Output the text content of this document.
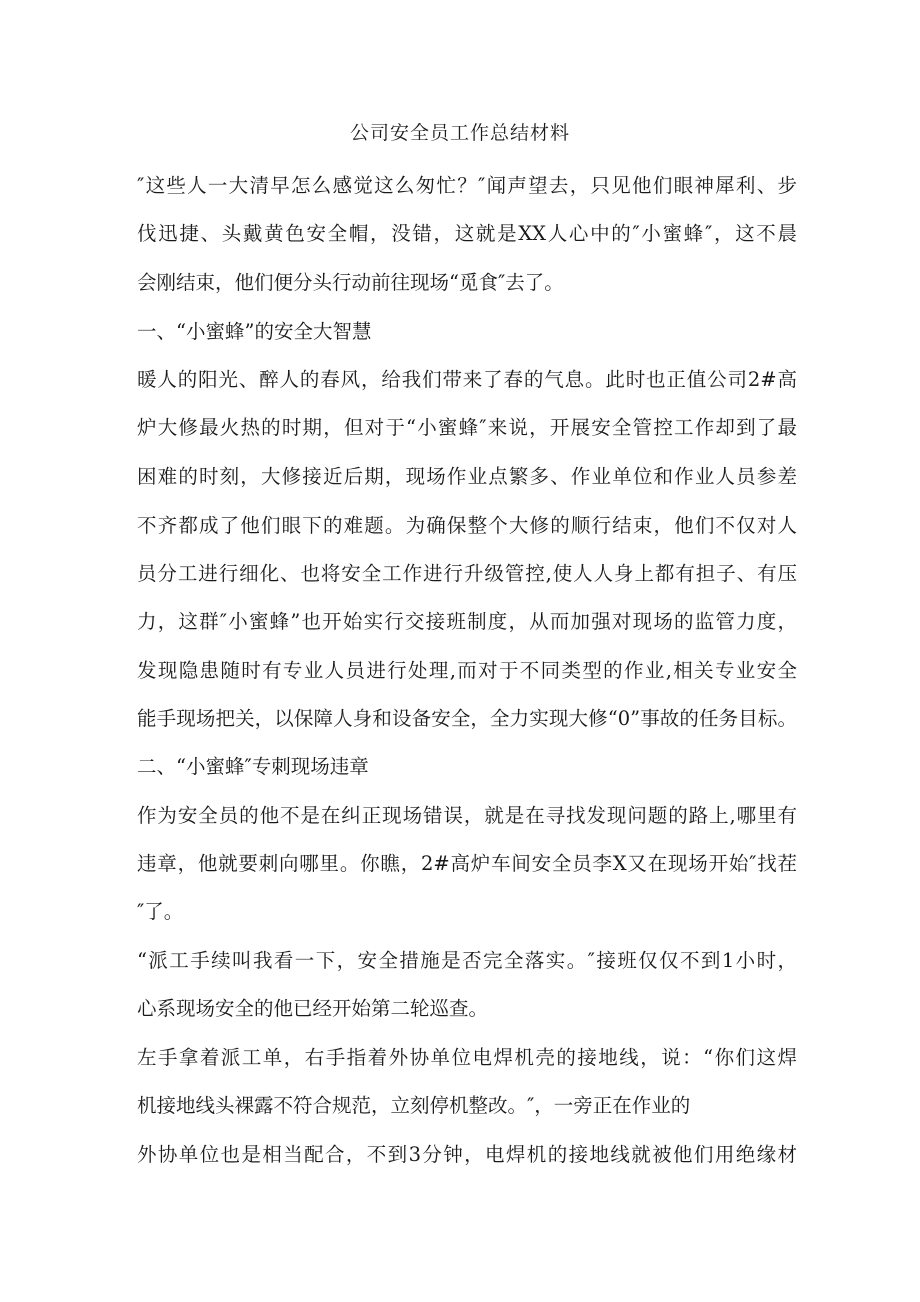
公司安全员工作总结材料
″这些人一大清早怎么感觉这么匆忙？″闻声望去，只见他们眼神犀利、步
伐迅捷、头戴黄色安全帽，没错，这就是XX人心中的″小蜜蜂″，这不晨
会刚结束，他们便分头行动前往现场“觅食″去了。
一、“小蜜蜂”的安全大智慧
暖人的阳光、醉人的春风，给我们带来了春的气息。此时也正值公司2#高
炉大修最火热的时期，但对于“小蜜蜂″来说，开展安全管控工作却到了最
困难的时刻，大修接近后期，现场作业点繁多、作业单位和作业人员参差
不齐都成了他们眼下的难题。为确保整个大修的顺行结束，他们不仅对人
员分工进行细化、也将安全工作进行升级管控,使人人身上都有担子、有压
力，这群″小蜜蜂”也开始实行交接班制度，从而加强对现场的监管力度，
发现隐患随时有专业人员进行处理,而对于不同类型的作业,相关专业安全
能手现场把关，以保障人身和设备安全，全力实现大修“0”事故的任务目标。
二、“小蜜蜂″专刺现场违章
作为安全员的他不是在纠正现场错误，就是在寻找发现问题的路上,哪里有
违章，他就要刺向哪里。你瞧，2#高炉车间安全员李X又在现场开始″找茬
″了。
“派工手续叫我看一下，安全措施是否完全落实。″接班仅仅不到1小时，
心系现场安全的他已经开始第二轮巡查。
左手拿着派工单，右手指着外协单位电焊机壳的接地线，说：“你们这焊
机接地线头裸露不符合规范，立刻停机整改。″，一旁正在作业的
外协单位也是相当配合，不到3分钟，电焊机的接地线就被他们用绝缘材
